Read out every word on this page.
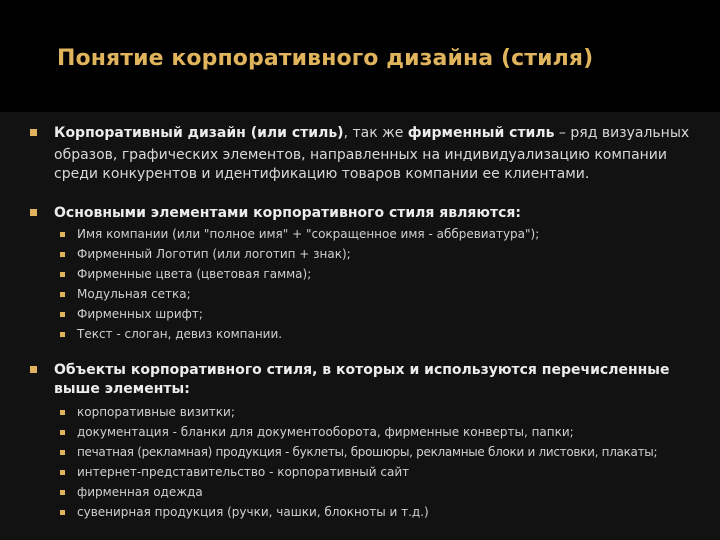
Понятие корпоративного дизайна (стиля)
Корпоративный дизайн (или стиль), так же фирменный стиль – ряд визуальных
образов, графических элементов, направленных на индивидуализацию компании
среди конкурентов и идентификацию товаров компании ее клиентами.
Основными элементами корпоративного стиля являются:
Имя компании (или "полное имя" + "сокращенное имя - аббревиатура");
Фирменный Логотип (или логотип + знак);
Фирменные цвета (цветовая гамма);
Модульная сетка;
Фирменных шрифт;
Текст - слоган, девиз компании.
Объекты корпоративного стиля, в которых и используются перечисленные
выше элементы:
корпоративные визитки;
документация - бланки для документооборота, фирменные конверты, папки;
печатная (рекламная) продукция - буклеты, брошюры, рекламные блоки и листовки, плакаты;
интернет-представительство - корпоративный сайт
фирменная одежда
сувенирная продукция (ручки, чашки, блокноты и т.д.)
